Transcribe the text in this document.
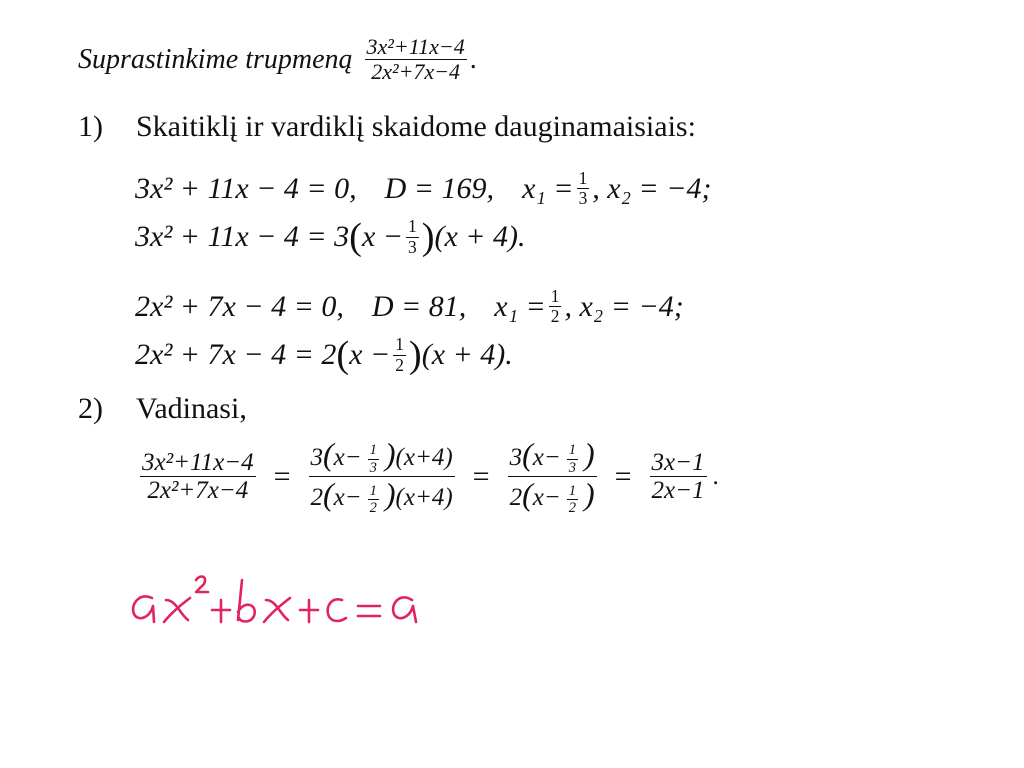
Suprastinkime trupmeną $\frac{\text{3x²+11x−4}}{\text{2x²+7x−4}}$ .
1)	Skaitiklį ir vardiklį skaidome dauginamaisiais:
3x² + 11x − 4 = 0, D = 169, $x_1 = \frac{1}{3}$ , x₂ = −4;
3x² + 11x − 4 = 3 ( $x - \frac{1}{3}$ ) (x + 4).
2x² + 7x − 4 = 0, D = 81, $x_1 = \frac{1}{2}$ , x₂ = −4;
2x² + 7x − 4 = 2 ( $x - \frac{1}{2}$ ) (x + 4).
2)	Vadinasi,
$\frac{\text{3x²+11x−4}}{\text{2x²+7x−4}} = \frac{3(x- \frac{1}{3} )(x+4)}{2(x- \frac{1}{2} )(x+4)} = \frac{3(x- \frac{1}{3} )}{2(x- \frac{1}{2} )} = \frac{3x-1}{2x-1}$ .
